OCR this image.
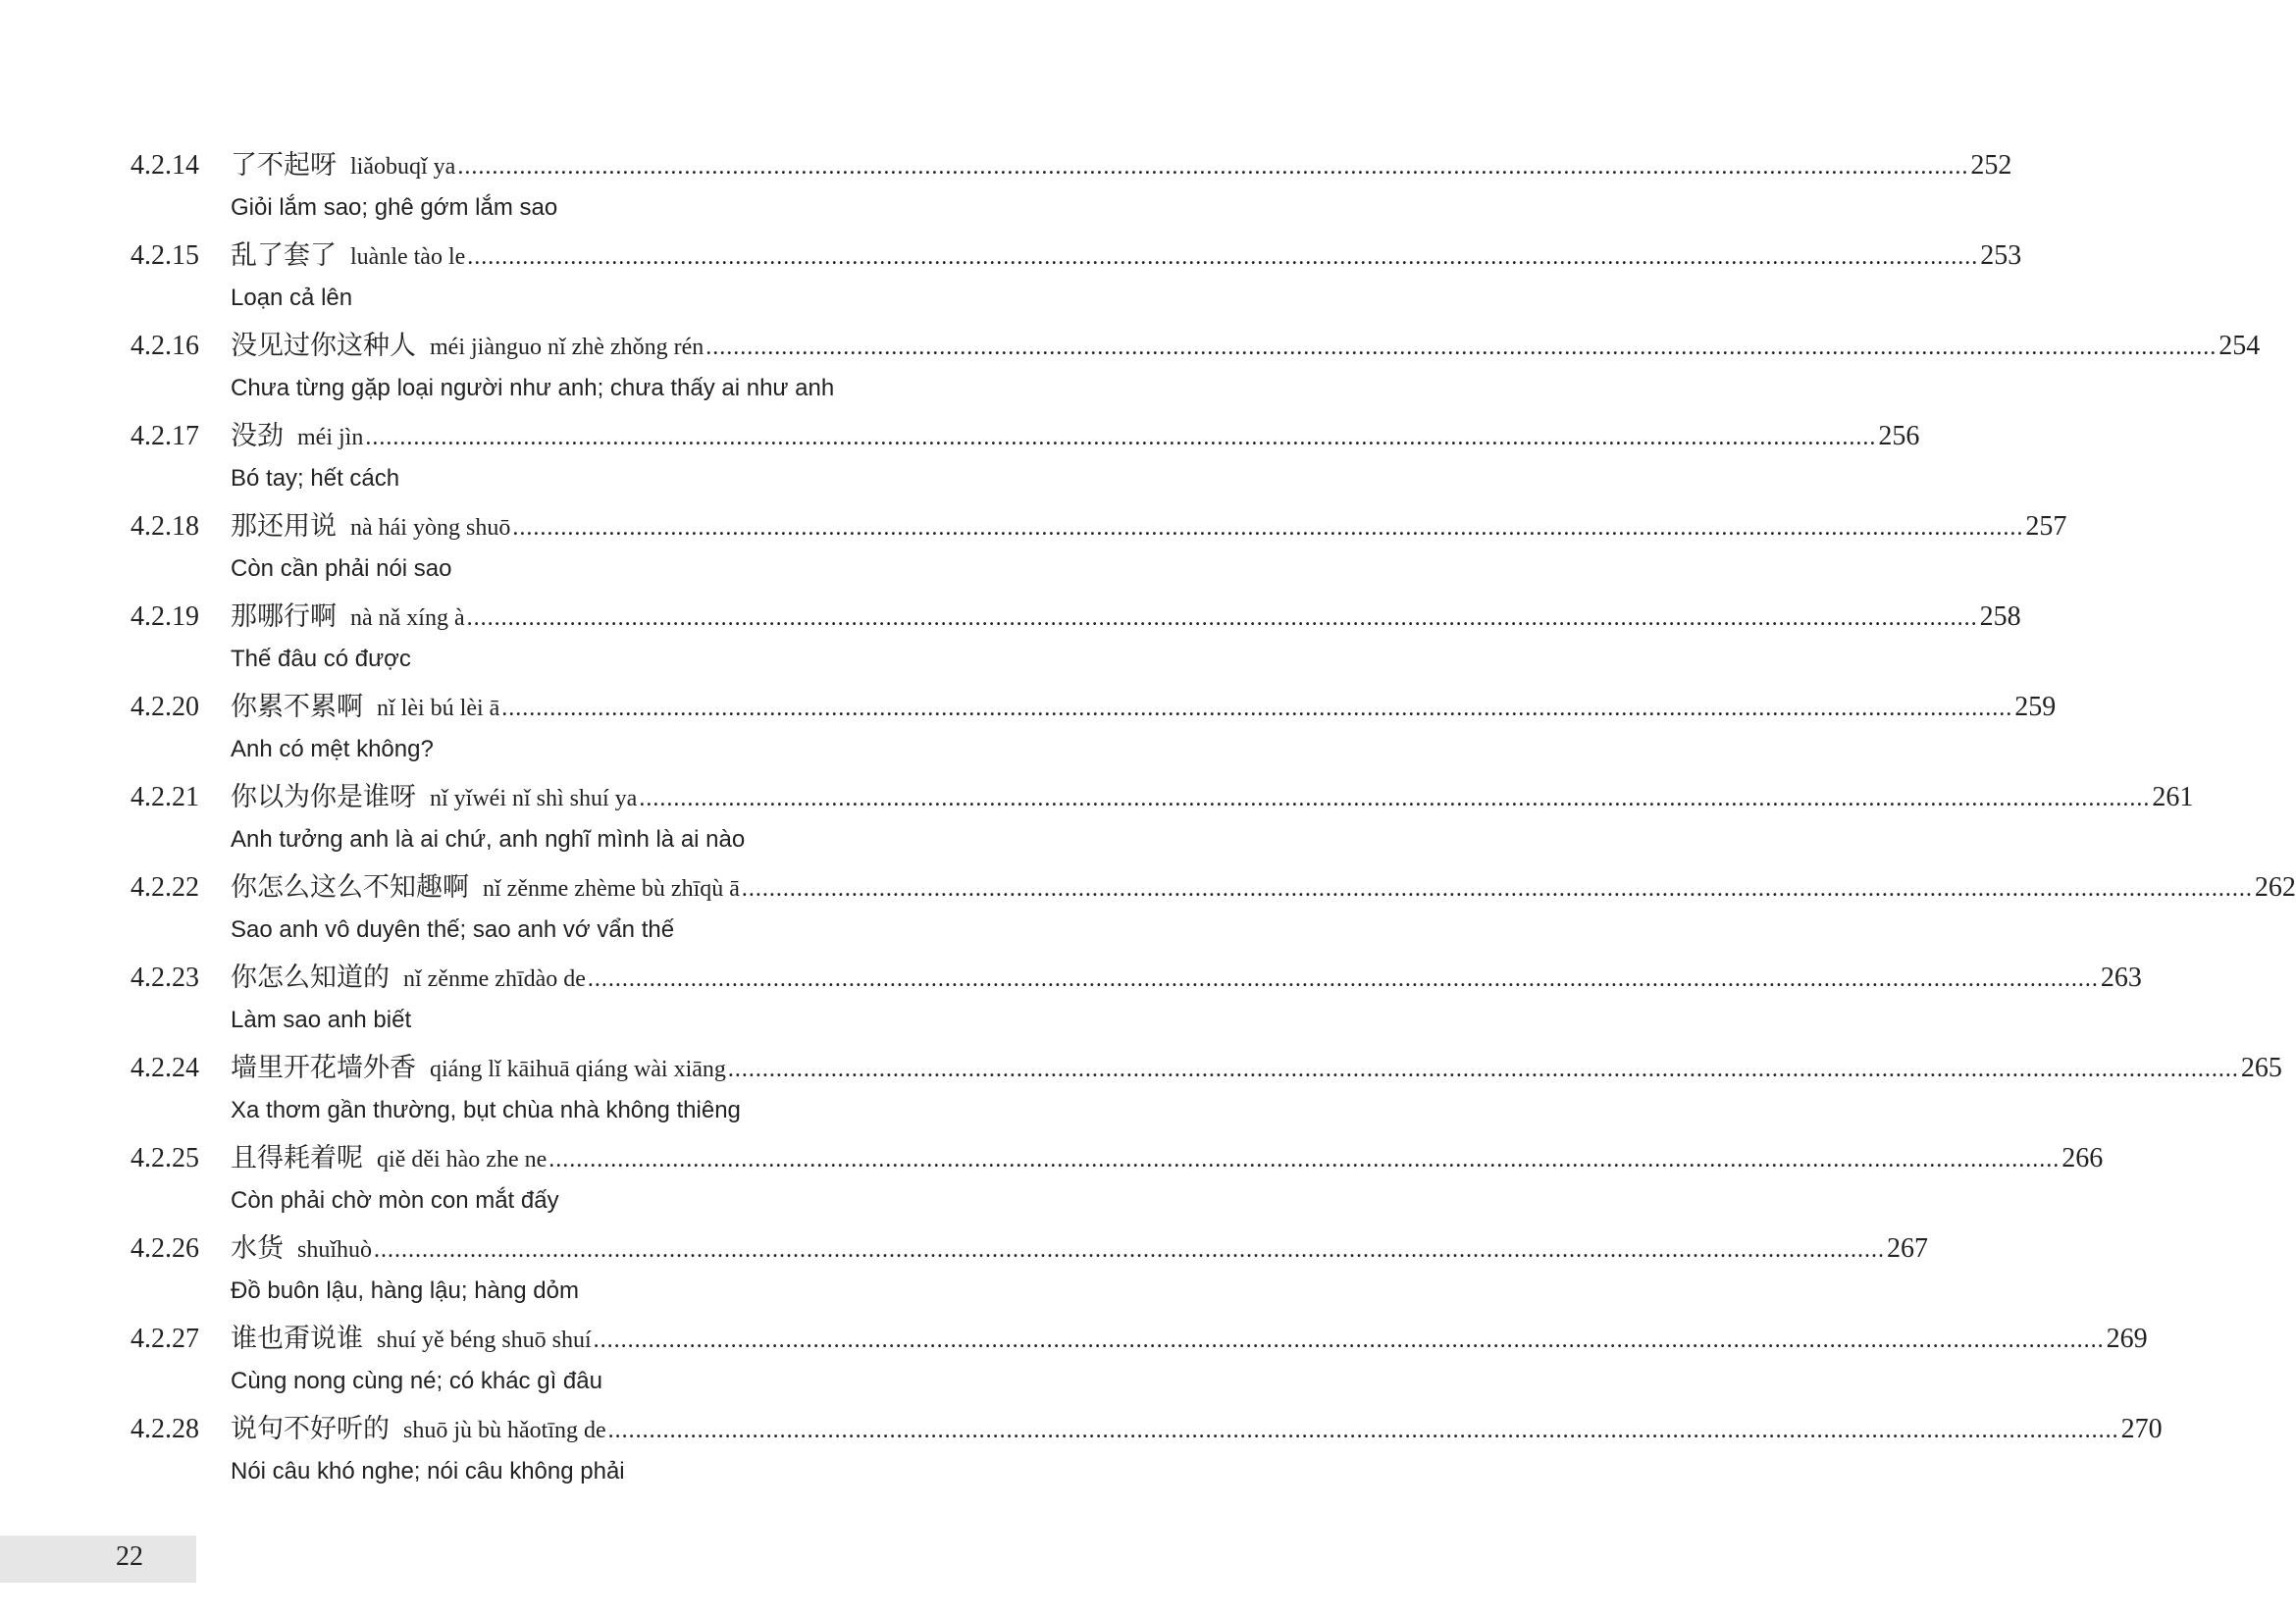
4.2.14	了不起呀 liǎobuqǐ ya ............................................................................................................................................................................................................................ 252
Giỏi lắm sao; ghê gớm lắm sao
4.2.15	乱了套了 luànle tào le ............................................................................................................................................................................................................................ 253
Loạn cả lên
4.2.16	没见过你这种人 méi jiànguo nǐ zhè zhǒng rén ............................................................................................................................................................................................................................ 254
Chưa từng gặp loại người như anh; chưa thấy ai như anh
4.2.17	没劲 méi jìn ............................................................................................................................................................................................................................ 256
Bó tay; hết cách
4.2.18	那还用说 nà hái yòng shuō ............................................................................................................................................................................................................................ 257
Còn cần phải nói sao
4.2.19	那哪行啊 nà nǎ xíng à ............................................................................................................................................................................................................................ 258
Thế đâu có được
4.2.20	你累不累啊 nǐ lèi bú lèi ā ............................................................................................................................................................................................................................ 259
Anh có mệt không?
4.2.21	你以为你是谁呀 nǐ yǐwéi nǐ shì shuí ya ............................................................................................................................................................................................................................ 261
Anh tưởng anh là ai chứ, anh nghĩ mình là ai nào
4.2.22	你怎么这么不知趣啊 nǐ zěnme zhème bù zhīqù ā ............................................................................................................................................................................................................................ 262
Sao anh vô duyên thế; sao anh vớ vẩn thế
4.2.23	你怎么知道的 nǐ zěnme zhīdào de ............................................................................................................................................................................................................................ 263
Làm sao anh biết
4.2.24	墙里开花墙外香 qiáng lǐ kāihuā qiáng wài xiāng ............................................................................................................................................................................................................................ 265
Xa thơm gần thường, bụt chùa nhà không thiêng
4.2.25	且得耗着呢 qiě děi hào zhe ne ............................................................................................................................................................................................................................ 266
Còn phải chờ mòn con mắt đấy
4.2.26	水货 shuǐhuò ............................................................................................................................................................................................................................ 267
Đồ buôn lậu, hàng lậu; hàng dỏm
4.2.27	谁也甭说谁 shuí yě béng shuō shuí ............................................................................................................................................................................................................................ 269
Cùng nong cùng né; có khác gì đâu
4.2.28	说句不好听的 shuō jù bù hǎotīng de ............................................................................................................................................................................................................................ 270
Nói câu khó nghe; nói câu không phải
22
